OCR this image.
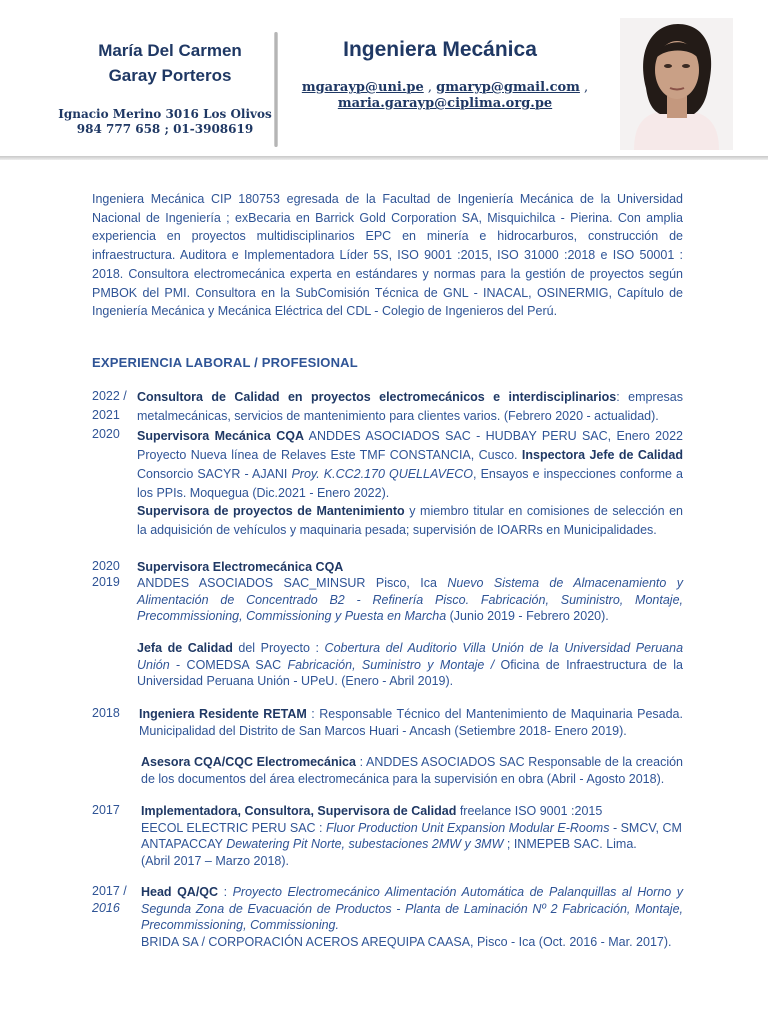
María Del Carmen
Garay Porteros
Ignacio Merino 3016 Los Olivos
984 777 658 ; 01-3908619
Ingeniera Mecánica
mgarayp@uni.pe , gmaryp@gmail.com ,
maria.garayp@ciplima.org.pe
Ingeniera Mecánica CIP 180753 egresada de la Facultad de Ingeniería Mecánica de la Universidad Nacional de Ingeniería ; exBecaria en Barrick Gold Corporation SA, Misquichilca - Pierina. Con amplia experiencia en proyectos multidisciplinarios EPC en minería e hidrocarburos, construcción de infraestructura. Auditora e Implementadora Líder 5S, ISO 9001 :2015, ISO 31000 :2018 e ISO 50001 : 2018. Consultora electromecánica experta en estándares y normas para la gestión de proyectos según PMBOK del PMI. Consultora en la SubComisión Técnica de GNL - INACAL, OSINERMIG, Capítulo de Ingeniería Mecánica y Mecánica Eléctrica del CDL - Colegio de Ingenieros del Perú.
EXPERIENCIA LABORAL / PROFESIONAL
2022 /
2021
2020
2020
2019
2018
2017
2017 /
2016
Consultora de Calidad en proyectos electromecánicos e interdisciplinarios: empresas metalmecánicas, servicios de mantenimiento para clientes varios. (Febrero 2020 - actualidad).
Supervisora Mecánica CQA ANDDES ASOCIADOS SAC - HUDBAY PERU SAC, Enero 2022 Proyecto Nueva línea de Relaves Este TMF CONSTANCIA, Cusco. Inspectora Jefe de Calidad Consorcio SACYR - AJANI Proy. K.CC2.170 QUELLAVECO, Ensayos e inspecciones conforme a los PPIs. Moquegua (Dic.2021 - Enero 2022).
Supervisora de proyectos de Mantenimiento y miembro titular en comisiones de selección en la adquisición de vehículos y maquinaria pesada; supervisión de IOARRs en Municipalidades.
Supervisora Electromecánica CQA
ANDDES ASOCIADOS SAC_MINSUR Pisco, Ica Nuevo Sistema de Almacenamiento y Alimentación de Concentrado B2 - Refinería Pisco. Fabricación, Suministro, Montaje, Precommissioning, Commissioning y Puesta en Marcha (Junio 2019 - Febrero 2020).
Jefa de Calidad del Proyecto : Cobertura del Auditorio Villa Unión de la Universidad Peruana Unión - COMEDSA SAC Fabricación, Suministro y Montaje / Oficina de Infraestructura de la Universidad Peruana Unión - UPeU. (Enero - Abril 2019).
Ingeniera Residente RETAM : Responsable Técnico del Mantenimiento de Maquinaria Pesada. Municipalidad del Distrito de San Marcos Huari - Ancash (Setiembre 2018- Enero 2019).
Asesora CQA/CQC Electromecánica : ANDDES ASOCIADOS SAC Responsable de la creación de los documentos del área electromecánica para la supervisión en obra (Abril - Agosto 2018).
Implementadora, Consultora, Supervisora de Calidad freelance ISO 9001 :2015
EECOL ELECTRIC PERU SAC : Fluor Production Unit Expansion Modular E-Rooms - SMCV, CM
ANTAPACCAY Dewatering Pit Norte, subestaciones 2MW y 3MW ; INMEPEB SAC. Lima.
(Abril 2017 – Marzo 2018).
Head QA/QC : Proyecto Electromecánico Alimentación Automática de Palanquillas al Horno y Segunda Zona de Evacuación de Productos - Planta de Laminación Nº 2 Fabricación, Montaje, Precommissioning, Commissioning.
BRIDA SA / CORPORACIÓN ACEROS AREQUIPA CAASA, Pisco - Ica (Oct. 2016 - Mar. 2017).
